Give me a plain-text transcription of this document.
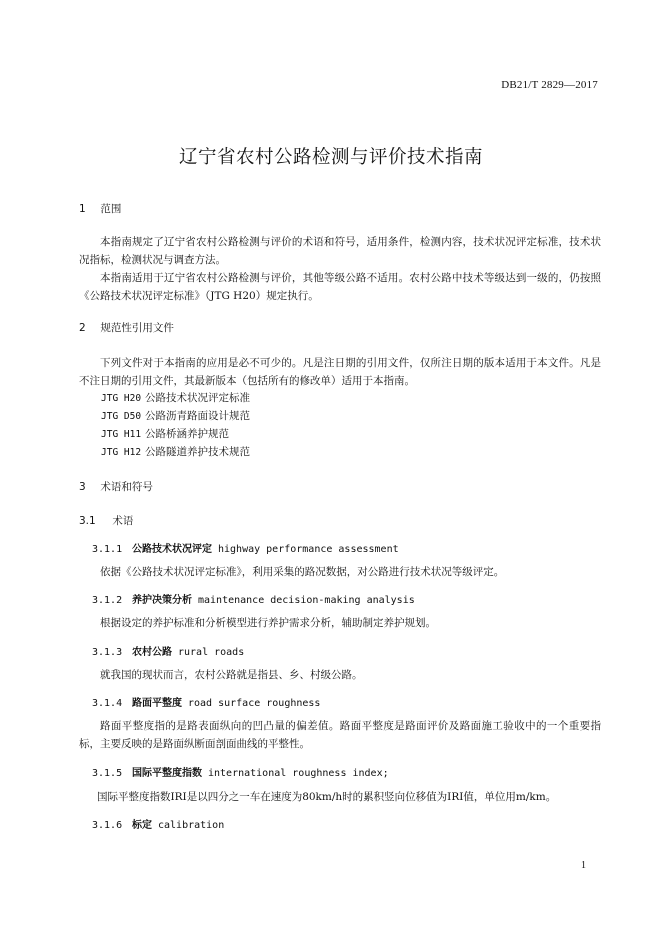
DB21/T 2829—2017
辽宁省农村公路检测与评价技术指南
1 范围
本指南规定了辽宁省农村公路检测与评价的术语和符号，适用条件，检测内容，技术状况评定标准，技术状况指标，检测状况与调查方法。
本指南适用于辽宁省农村公路检测与评价，其他等级公路不适用。农村公路中技术等级达到一级的，仍按照《公路技术状况评定标准》（JTG H20）规定执行。
2 规范性引用文件
下列文件对于本指南的应用是必不可少的。凡是注日期的引用文件，仅所注日期的版本适用于本文件。凡是不注日期的引用文件，其最新版本（包括所有的修改单）适用于本指南。
JTG H20 公路技术状况评定标准
JTG D50 公路沥青路面设计规范
JTG H11 公路桥涵养护规范
JTG H12 公路隧道养护技术规范
3 术语和符号
3.1 术语
3.1.1 公路技术状况评定 highway performance assessment
依据《公路技术状况评定标准》，利用采集的路况数据，对公路进行技术状况等级评定。
3.1.2 养护决策分析 maintenance decision-making analysis
根据设定的养护标准和分析模型进行养护需求分析，辅助制定养护规划。
3.1.3 农村公路 rural roads
就我国的现状而言，农村公路就是指县、乡、村级公路。
3.1.4 路面平整度 road surface roughness
路面平整度指的是路表面纵向的凹凸量的偏差值。路面平整度是路面评价及路面施工验收中的一个重要指标，主要反映的是路面纵断面剖面曲线的平整性。
3.1.5 国际平整度指数 international roughness index;
国际平整度指数IRI是以四分之一车在速度为80km/h时的累积竖向位移值为IRI值，单位用m/km。
3.1.6 标定 calibration
1
